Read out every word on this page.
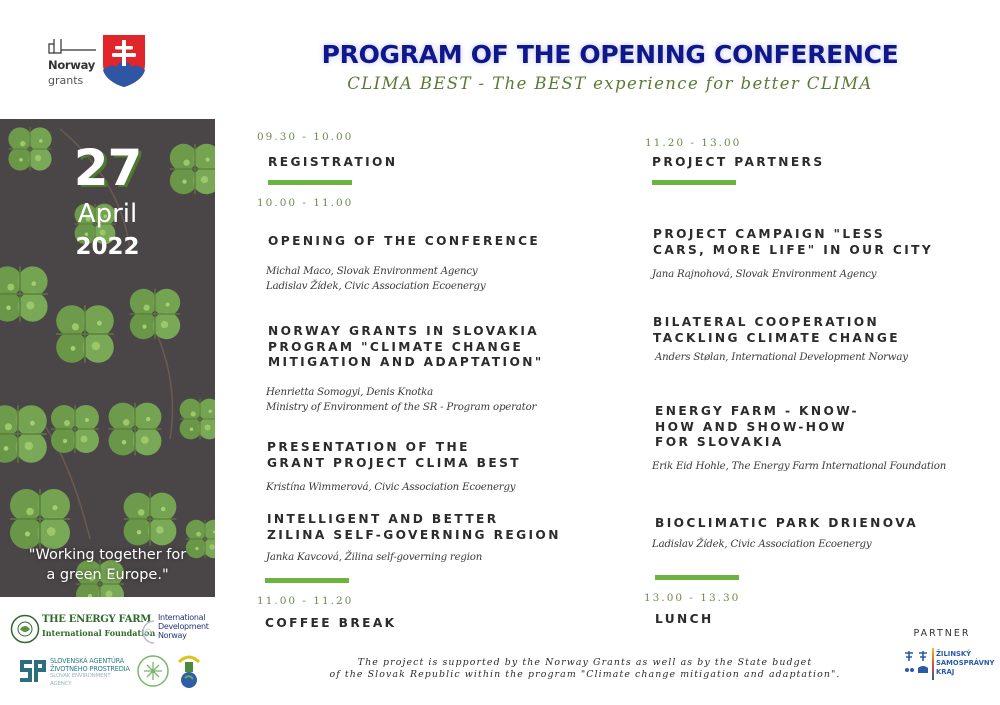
Norway
grants
PROGRAM OF THE OPENING CONFERENCE
CLIMA BEST - The BEST experience for better CLIMA
27
April
2022
"Working together for
a green Europe."
09.30 - 10.00
REGISTRATION
10.00 - 11.00
OPENING OF THE CONFERENCE
Michal Maco, Slovak Environment Agency
Ladislav Žídek, Civic Association Ecoenergy
NORWAY GRANTS IN SLOVAKIA
PROGRAM "CLIMATE CHANGE
MITIGATION AND ADAPTATION"
Henrietta Somogyi, Denis Knotka
Ministry of Environment of the SR - Program operator
PRESENTATION OF THE
GRANT PROJECT CLIMA BEST
Kristína Wimmerová, Civic Association Ecoenergy
INTELLIGENT AND BETTER
ZILINA SELF-GOVERNING REGION
Janka Kavcová, Žilina self-governing region
11.00 - 11.20
COFFEE BREAK
11.20 - 13.00
PROJECT PARTNERS
PROJECT CAMPAIGN "LESS
CARS, MORE LIFE" IN OUR CITY
Jana Rajnohová, Slovak Environment Agency
BILATERAL COOPERATION
TACKLING CLIMATE CHANGE
Anders Stølan, International Development Norway
ENERGY FARM - KNOW-
HOW AND SHOW-HOW
FOR SLOVAKIA
Erik Eid Hohle, The Energy Farm International Foundation
BIOCLIMATIC PARK DRIENOVA
Ladislav Žídek, Civic Association Ecoenergy
13.00 - 13.30
LUNCH
THE ENERGY FARM
International Foundation
International
Development
Norway
SLOVENSKÁ AGENTÚRA
ŽIVOTNÉHO PROSTREDIA
SLOVAK ENVIRONMENT
AGENCY
The project is supported by the Norway Grants as well as by the State budget
of the Slovak Republic within the program "Climate change mitigation and adaptation".
PARTNER
ŽILINSKÝ
SAMOSPRÁVNY
KRAJ
